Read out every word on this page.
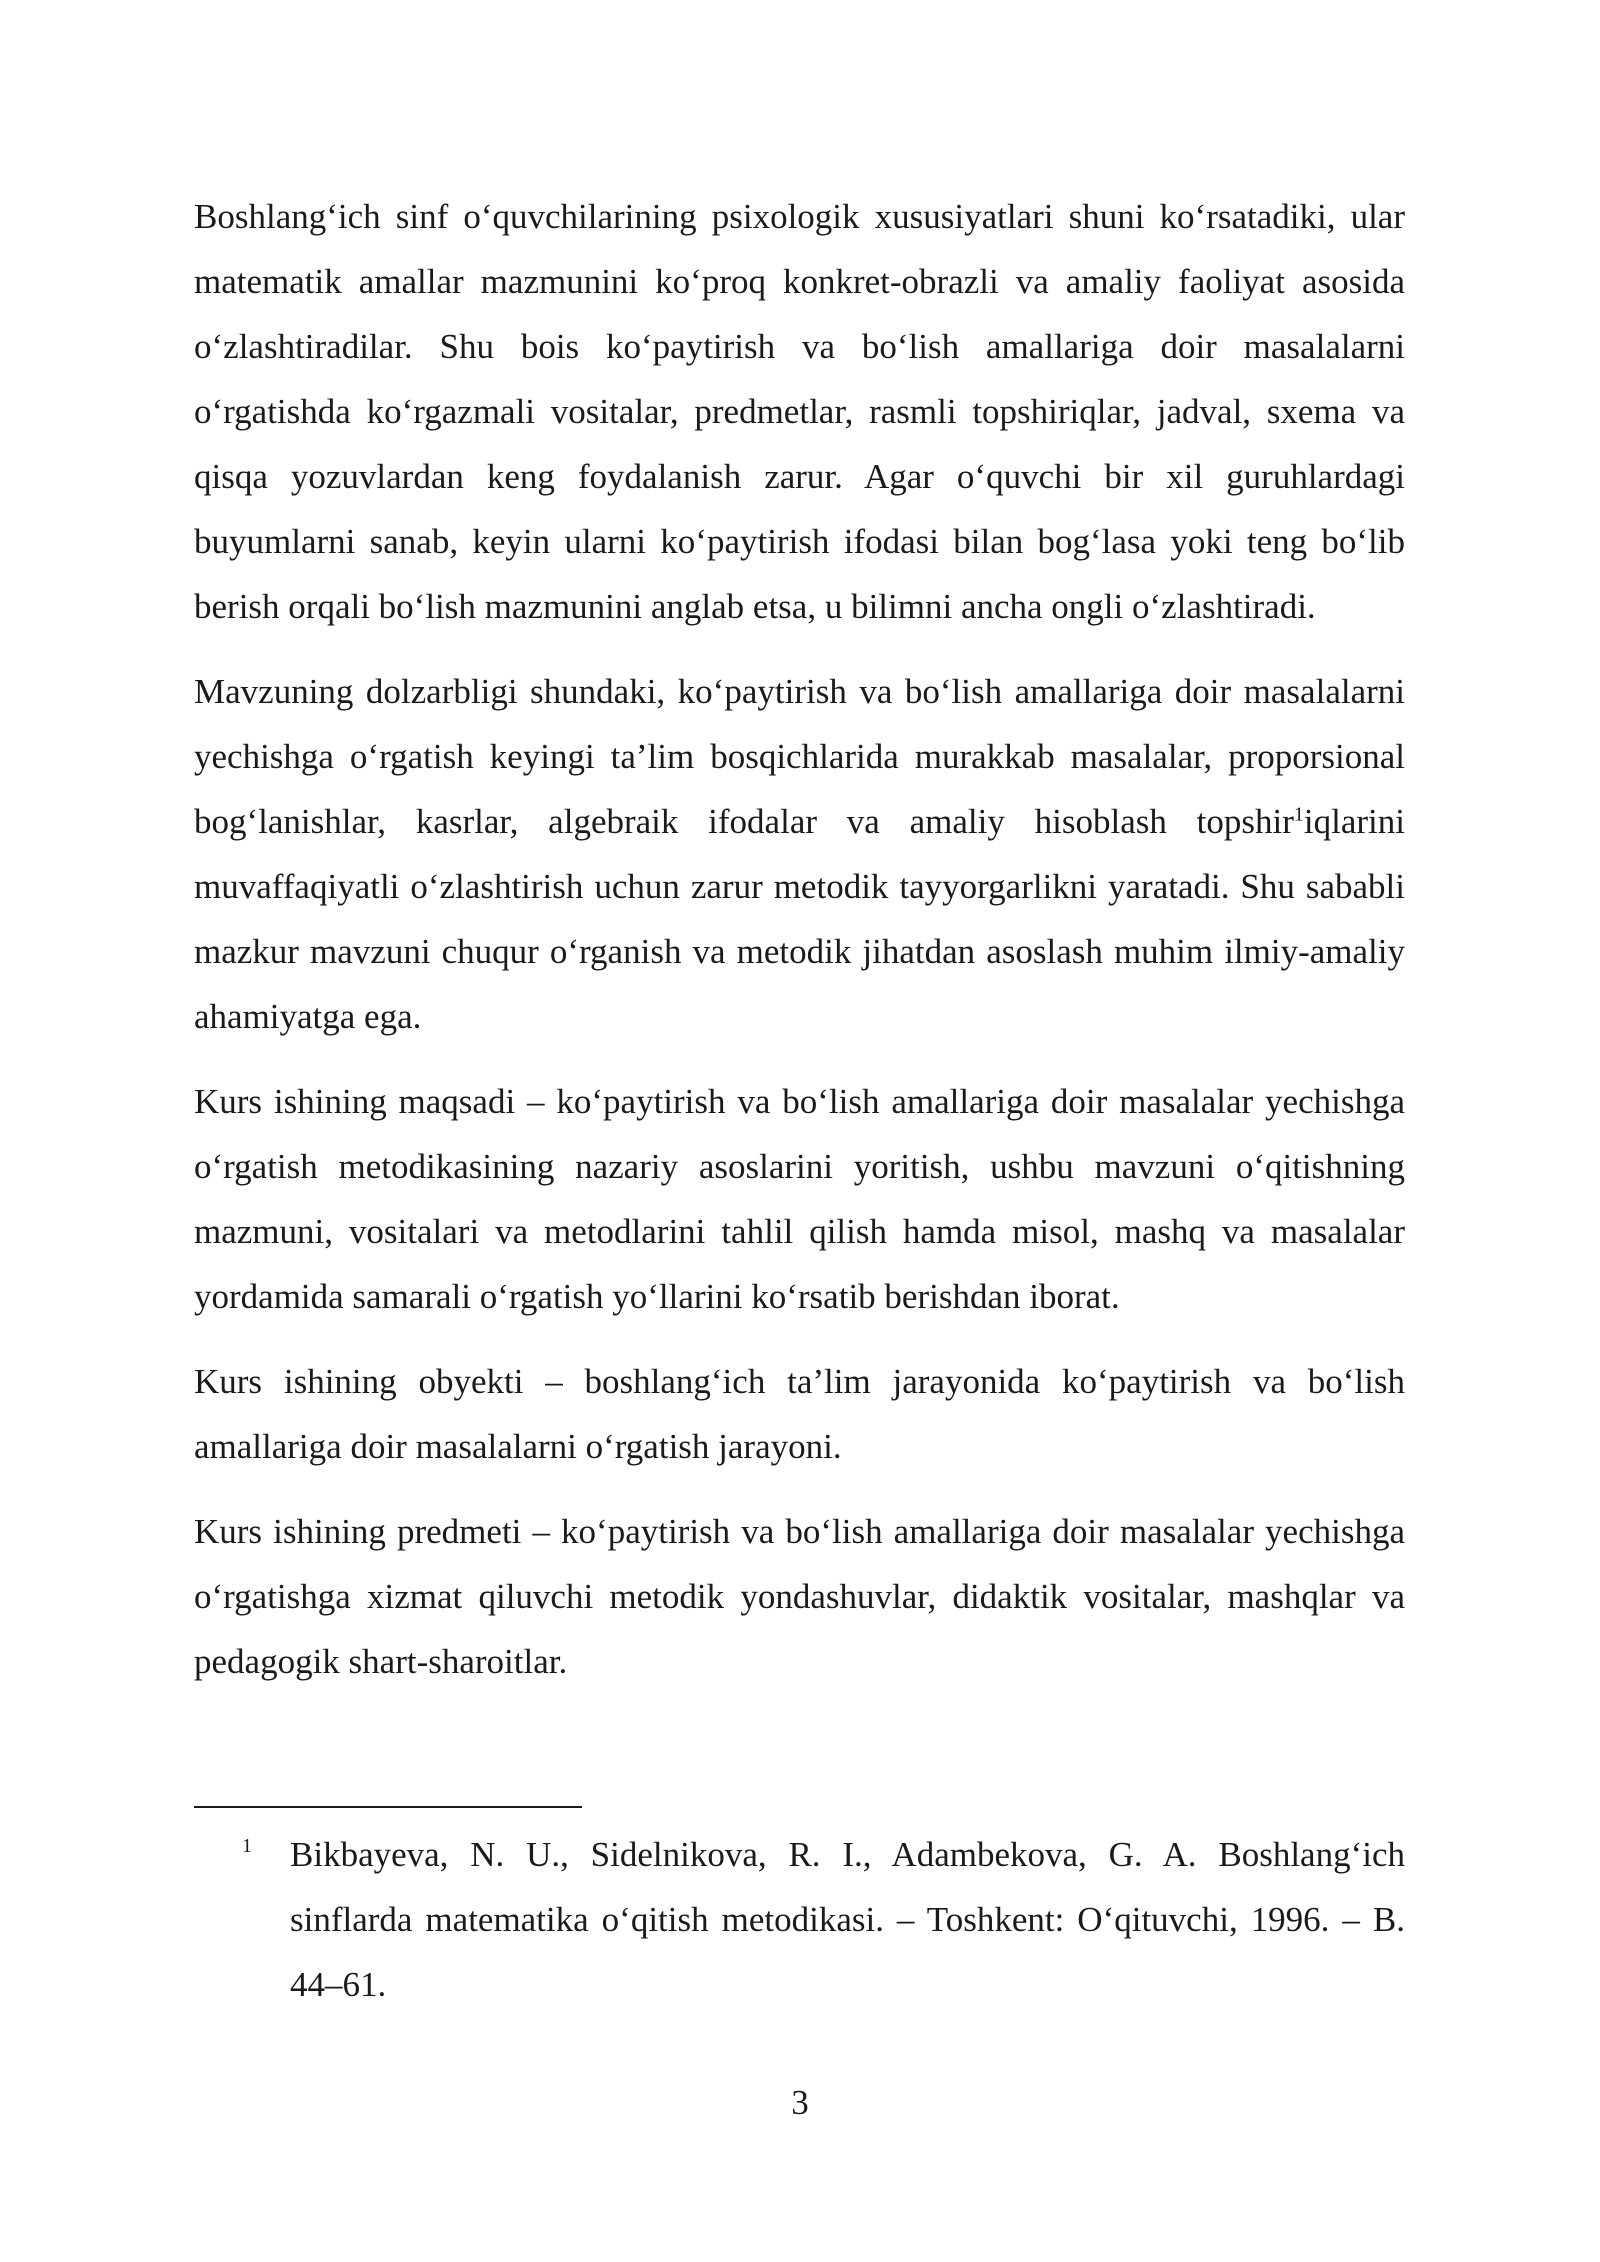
Boshlang‘ich sinf o‘quvchilarining psixologik xususiyatlari shuni ko‘rsatadiki, ular matematik amallar mazmunini ko‘proq konkret-obrazli va amaliy faoliyat asosida o‘zlashtiradilar. Shu bois ko‘paytirish va bo‘lish amallariga doir masalalarni o‘rgatishda ko‘rgazmali vositalar, predmetlar, rasmli topshiriqlar, jadval, sxema va qisqa yozuvlardan keng foydalanish zarur. Agar o‘quvchi bir xil guruhlardagi buyumlarni sanab, keyin ularni ko‘paytirish ifodasi bilan bog‘lasa yoki teng bo‘lib berish orqali bo‘lish mazmunini anglab etsa, u bilimni ancha ongli o‘zlashtiradi.

Mavzuning dolzarbligi shundaki, ko‘paytirish va bo‘lish amallariga doir masalalarni yechishga o‘rgatish keyingi ta’lim bosqichlarida murakkab masalalar, proporsional bog‘lanishlar, kasrlar, algebraik ifodalar va amaliy hisoblash topshir$^1$iqlarini muvaffaqiyatli o‘zlashtirish uchun zarur metodik tayyorgarlikni yaratadi. Shu sababli mazkur mavzuni chuqur o‘rganish va metodik jihatdan asoslash muhim ilmiy-amaliy ahamiyatga ega.

Kurs ishining maqsadi – ko‘paytirish va bo‘lish amallariga doir masalalar yechishga o‘rgatish metodikasining nazariy asoslarini yoritish, ushbu mavzuni o‘qitishning mazmuni, vositalari va metodlarini tahlil qilish hamda misol, mashq va masalalar yordamida samarali o‘rgatish yo‘llarini ko‘rsatib berishdan iborat.

Kurs ishining obyekti – boshlang‘ich ta’lim jarayonida ko‘paytirish va bo‘lish amallariga doir masalalarni o‘rgatish jarayoni.

Kurs ishining predmeti – ko‘paytirish va bo‘lish amallariga doir masalalar yechishga o‘rgatishga xizmat qiluvchi metodik yondashuvlar, didaktik vositalar, mashqlar va pedagogik shart-sharoitlar.

1	Bikbayeva, N. U., Sidelnikova, R. I., Adambekova, G. A. Boshlang‘ich sinflarda matematika o‘qitish metodikasi. – Toshkent: O‘qituvchi, 1996. – B. 44–61.
3
